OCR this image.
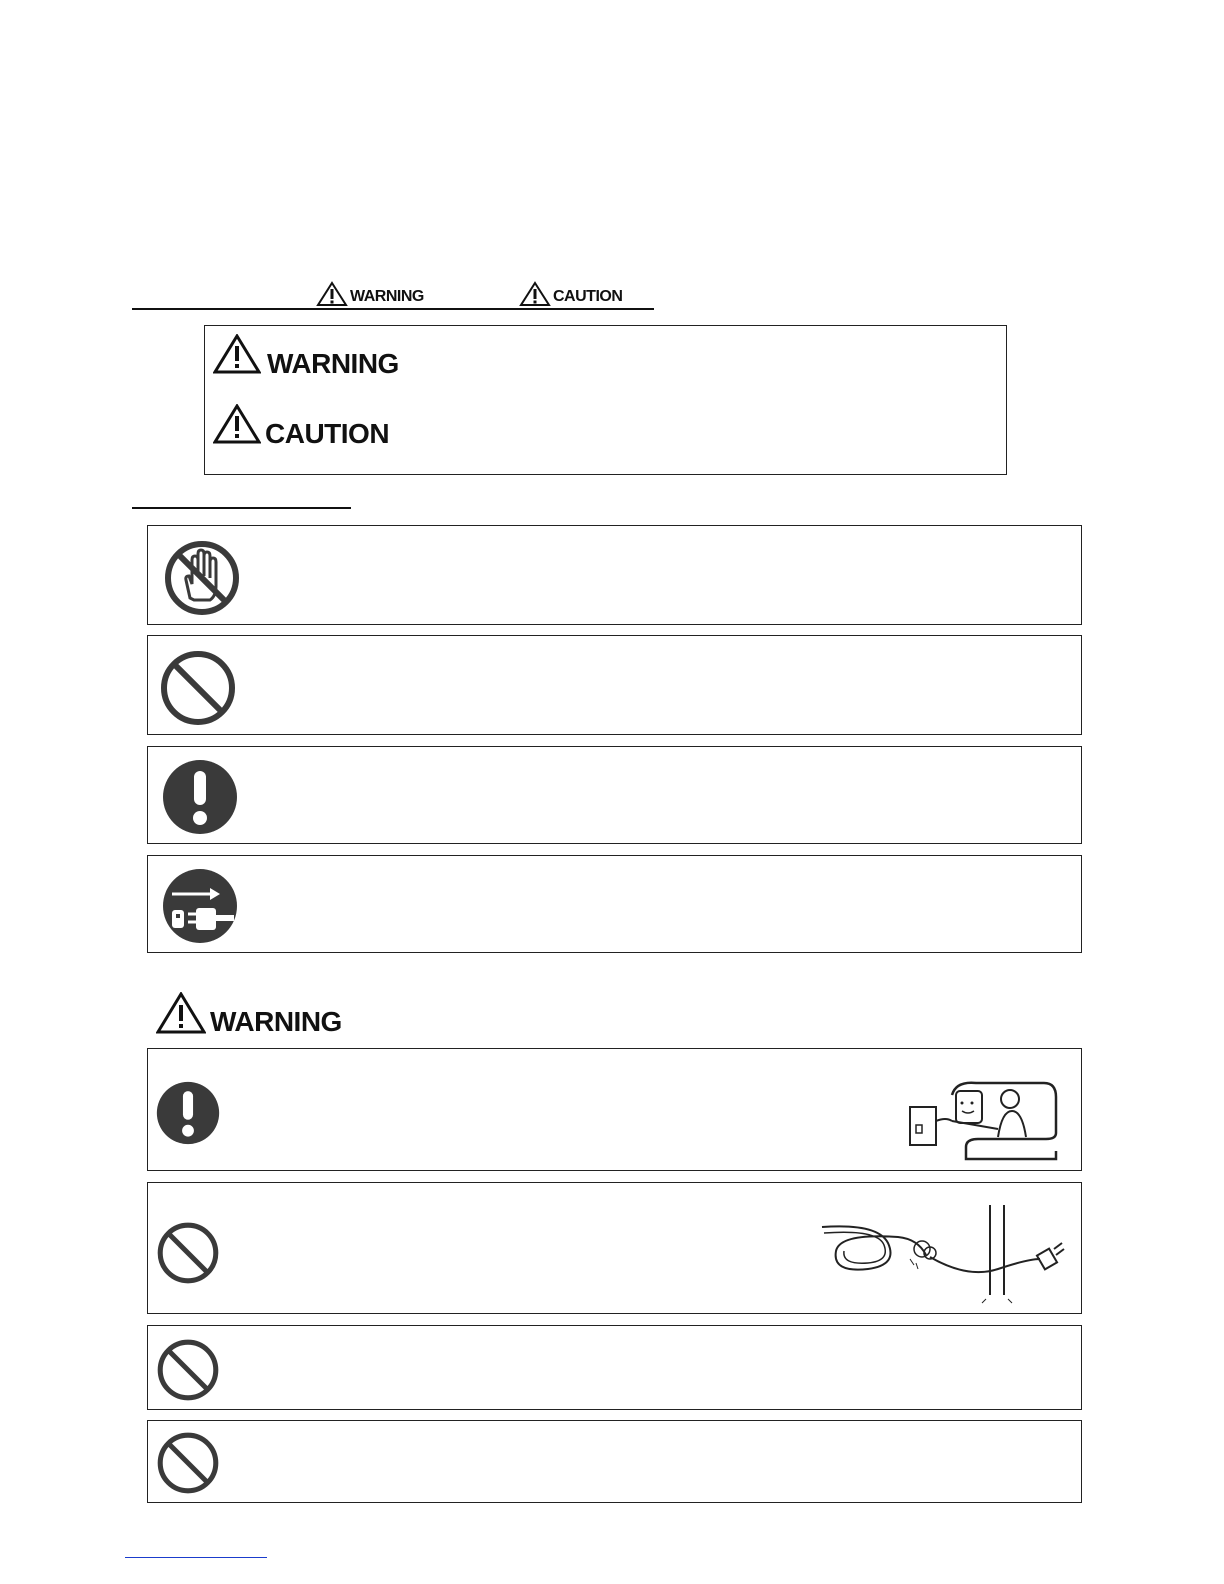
WARNING	CAUTION
WARNING
CAUTION
WARNING
